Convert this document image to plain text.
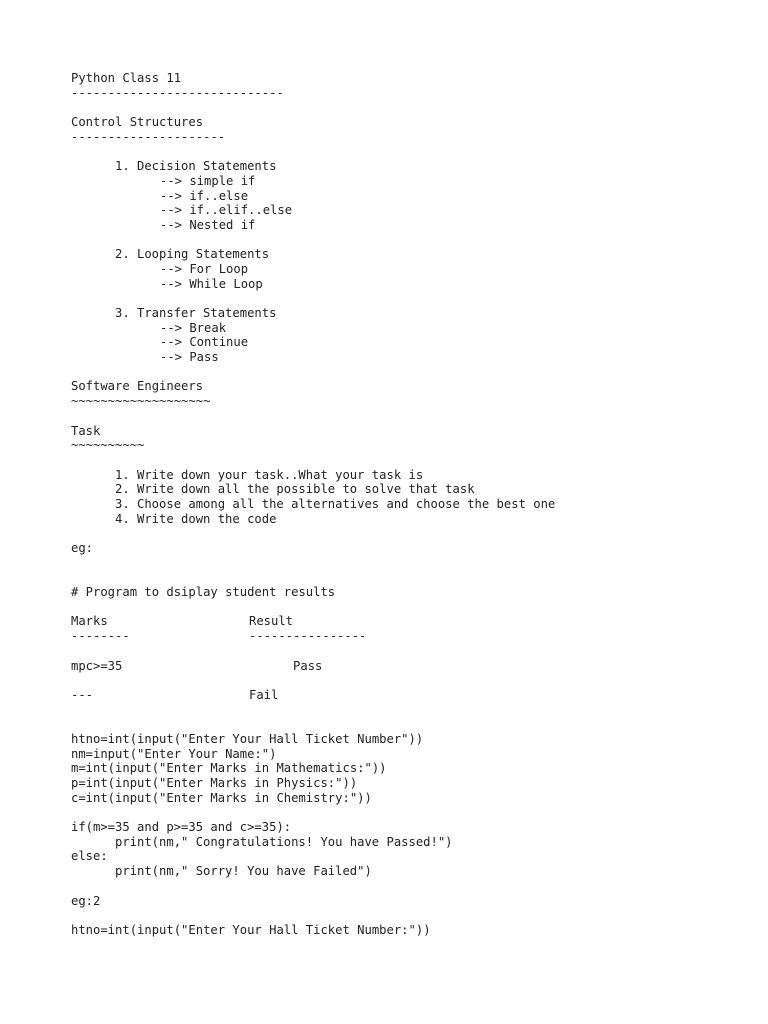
Python Class 11
-----------------------------
Control Structures
---------------------
1. Decision Statements
--> simple if
--> if..else
--> if..elif..else
--> Nested if
2. Looping Statements
--> For Loop
--> While Loop
3. Transfer Statements
--> Break
--> Continue
--> Pass
Software Engineers
~~~~~~~~~~~~~~~~~~~
Task
~~~~~~~~~~
1. Write down your task..What your task is
2. Write down all the possible to solve that task
3. Choose among all the alternatives and choose the best one
4. Write down the code
eg:
# Program to dsiplay student results
Marks	Result
--------	----------------
mpc>=35	Pass
---	Fail
htno=int(input("Enter Your Hall Ticket Number"))
nm=input("Enter Your Name:")
m=int(input("Enter Marks in Mathematics:"))
p=int(input("Enter Marks in Physics:"))
c=int(input("Enter Marks in Chemistry:"))
if(m>=35 and p>=35 and c>=35):
print(nm," Congratulations! You have Passed!")
else:
print(nm," Sorry! You have Failed")
eg:2
htno=int(input("Enter Your Hall Ticket Number:"))
